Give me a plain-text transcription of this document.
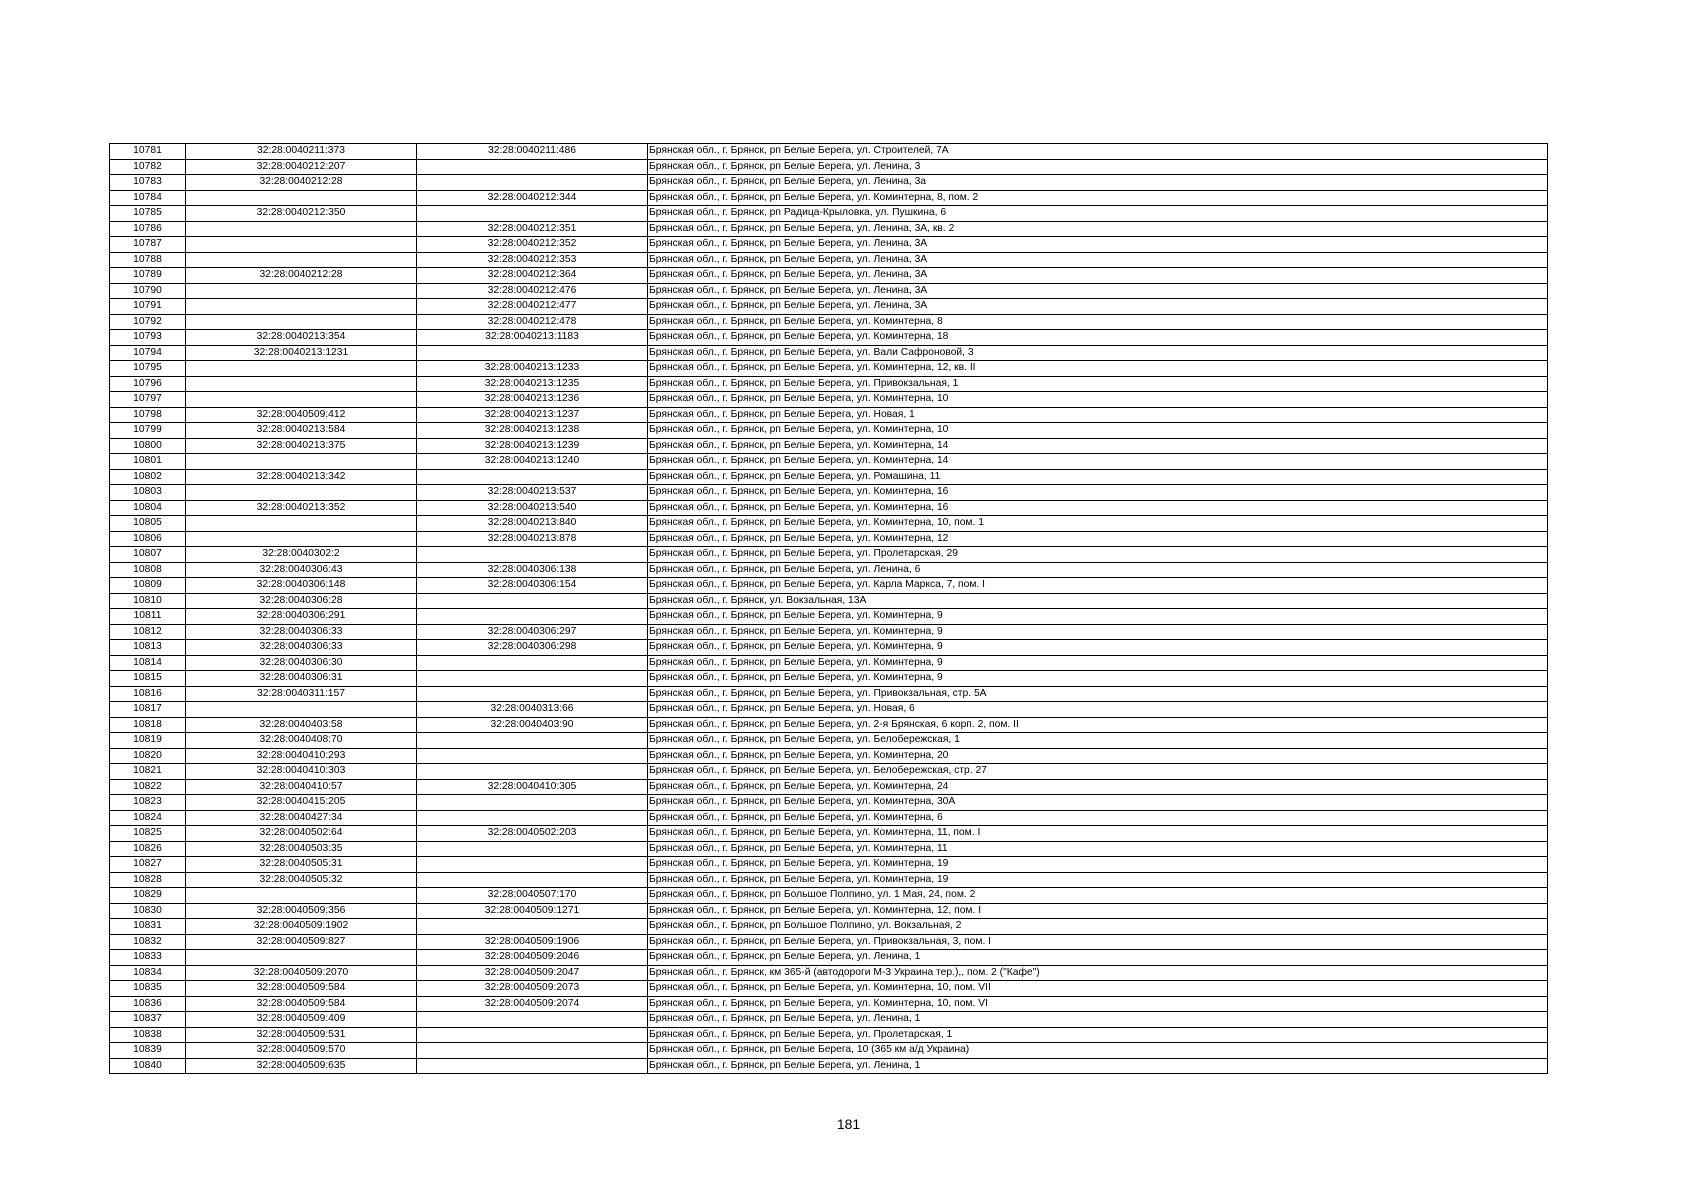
10781	32:28:0040211:373	32:28:0040211:486	Брянская обл., г. Брянск, рп Белые Берега, ул. Строителей, 7А
10782	32:28:0040212:207		Брянская обл., г. Брянск, рп Белые Берега, ул. Ленина, 3
10783	32:28:0040212:28		Брянская обл., г. Брянск, рп Белые Берега, ул. Ленина, 3а
10784		32:28:0040212:344	Брянская обл., г. Брянск, рп Белые Берега, ул. Коминтерна, 8, пом. 2
10785	32:28:0040212:350		Брянская обл., г. Брянск, рп Радица-Крыловка, ул. Пушкина, 6
10786		32:28:0040212:351	Брянская обл., г. Брянск, рп Белые Берега, ул. Ленина, 3А, кв. 2
10787		32:28:0040212:352	Брянская обл., г. Брянск, рп Белые Берега, ул. Ленина, 3А
10788		32:28:0040212:353	Брянская обл., г. Брянск, рп Белые Берега, ул. Ленина, 3А
10789	32:28:0040212:28	32:28:0040212:364	Брянская обл., г. Брянск, рп Белые Берега, ул. Ленина, 3А
10790		32:28:0040212:476	Брянская обл., г. Брянск, рп Белые Берега, ул. Ленина, 3А
10791		32:28:0040212:477	Брянская обл., г. Брянск, рп Белые Берега, ул. Ленина, 3А
10792		32:28:0040212:478	Брянская обл., г. Брянск, рп Белые Берега, ул. Коминтерна, 8
10793	32:28:0040213:354	32:28:0040213:1183	Брянская обл., г. Брянск, рп Белые Берега, ул. Коминтерна, 18
10794	32:28:0040213:1231		Брянская обл., г. Брянск, рп Белые Берега, ул. Вали Сафроновой, 3
10795		32:28:0040213:1233	Брянская обл., г. Брянск, рп Белые Берега, ул. Коминтерна, 12, кв. II
10796		32:28:0040213:1235	Брянская обл., г. Брянск, рп Белые Берега, ул. Привокзальная, 1
10797		32:28:0040213:1236	Брянская обл., г. Брянск, рп Белые Берега, ул. Коминтерна, 10
10798	32:28:0040509:412	32:28:0040213:1237	Брянская обл., г. Брянск, рп Белые Берега, ул. Новая, 1
10799	32:28:0040213:584	32:28:0040213:1238	Брянская обл., г. Брянск, рп Белые Берега, ул. Коминтерна, 10
10800	32:28:0040213:375	32:28:0040213:1239	Брянская обл., г. Брянск, рп Белые Берега, ул. Коминтерна, 14
10801		32:28:0040213:1240	Брянская обл., г. Брянск, рп Белые Берега, ул. Коминтерна, 14
10802	32:28:0040213:342		Брянская обл., г. Брянск, рп Белые Берега, ул. Ромашина, 11
10803		32:28:0040213:537	Брянская обл., г. Брянск, рп Белые Берега, ул. Коминтерна, 16
10804	32:28:0040213:352	32:28:0040213:540	Брянская обл., г. Брянск, рп Белые Берега, ул. Коминтерна, 16
10805		32:28:0040213:840	Брянская обл., г. Брянск, рп Белые Берега, ул. Коминтерна, 10, пом. 1
10806		32:28:0040213:878	Брянская обл., г. Брянск, рп Белые Берега, ул. Коминтерна, 12
10807	32:28:0040302:2		Брянская обл., г. Брянск, рп Белые Берега, ул. Пролетарская, 29
10808	32:28:0040306:43	32:28:0040306:138	Брянская обл., г. Брянск, рп Белые Берега, ул. Ленина, 6
10809	32:28:0040306:148	32:28:0040306:154	Брянская обл., г. Брянск, рп Белые Берега, ул. Карла Маркса, 7, пом. I
10810	32:28:0040306:28		Брянская обл., г. Брянск, ул. Вокзальная, 13А
10811	32:28:0040306:291		Брянская обл., г. Брянск, рп Белые Берега, ул. Коминтерна, 9
10812	32:28:0040306:33	32:28:0040306:297	Брянская обл., г. Брянск, рп Белые Берега, ул. Коминтерна, 9
10813	32:28:0040306:33	32:28:0040306:298	Брянская обл., г. Брянск, рп Белые Берега, ул. Коминтерна, 9
10814	32:28:0040306:30		Брянская обл., г. Брянск, рп Белые Берега, ул. Коминтерна, 9
10815	32:28:0040306:31		Брянская обл., г. Брянск, рп Белые Берега, ул. Коминтерна, 9
10816	32:28:0040311:157		Брянская обл., г. Брянск, рп Белые Берега, ул. Привокзальная, стр. 5А
10817		32:28:0040313:66	Брянская обл., г. Брянск, рп Белые Берега, ул. Новая, 6
10818	32:28:0040403:58	32:28:0040403:90	Брянская обл., г. Брянск, рп Белые Берега, ул. 2-я Брянская, 6 корп. 2, пом. II
10819	32:28:0040408:70		Брянская обл., г. Брянск, рп Белые Берега, ул. Белобережская, 1
10820	32:28:0040410:293		Брянская обл., г. Брянск, рп Белые Берега, ул. Коминтерна, 20
10821	32:28:0040410:303		Брянская обл., г. Брянск, рп Белые Берега, ул. Белобережская, стр. 27
10822	32:28:0040410:57	32:28:0040410:305	Брянская обл., г. Брянск, рп Белые Берега, ул. Коминтерна, 24
10823	32:28:0040415:205		Брянская обл., г. Брянск, рп Белые Берега, ул. Коминтерна, 30А
10824	32:28:0040427:34		Брянская обл., г. Брянск, рп Белые Берега, ул. Коминтерна, 6
10825	32:28:0040502:64	32:28:0040502:203	Брянская обл., г. Брянск, рп Белые Берега, ул. Коминтерна, 11, пом. I
10826	32:28:0040503:35		Брянская обл., г. Брянск, рп Белые Берега, ул. Коминтерна, 11
10827	32:28:0040505:31		Брянская обл., г. Брянск, рп Белые Берега, ул. Коминтерна, 19
10828	32:28:0040505:32		Брянская обл., г. Брянск, рп Белые Берега, ул. Коминтерна, 19
10829		32:28:0040507:170	Брянская обл., г. Брянск, рп Большое Полпино, ул. 1 Мая, 24, пом. 2
10830	32:28:0040509:356	32:28:0040509:1271	Брянская обл., г. Брянск, рп Белые Берега, ул. Коминтерна, 12, пом. I
10831	32:28:0040509:1902		Брянская обл., г. Брянск, рп Большое Полпино, ул. Вокзальная, 2
10832	32:28:0040509:827	32:28:0040509:1906	Брянская обл., г. Брянск, рп Белые Берега, ул. Привокзальная, 3, пом. I
10833		32:28:0040509:2046	Брянская обл., г. Брянск, рп Белые Берега, ул. Ленина, 1
10834	32:28:0040509:2070	32:28:0040509:2047	Брянская обл., г. Брянск, км 365-й (автодороги М-3 Украина тер.),, пом. 2 ("Кафе")
10835	32:28:0040509:584	32:28:0040509:2073	Брянская обл., г. Брянск, рп Белые Берега, ул. Коминтерна, 10, пом. VII
10836	32:28:0040509:584	32:28:0040509:2074	Брянская обл., г. Брянск, рп Белые Берега, ул. Коминтерна, 10, пом. VI
10837	32:28:0040509:409		Брянская обл., г. Брянск, рп Белые Берега, ул. Ленина, 1
10838	32:28:0040509:531		Брянская обл., г. Брянск, рп Белые Берега, ул. Пролетарская, 1
10839	32:28:0040509:570		Брянская обл., г. Брянск, рп Белые Берега, 10 (365 км а/д Украина)
10840	32:28:0040509:635		Брянская обл., г. Брянск, рп Белые Берега, ул. Ленина, 1
181
